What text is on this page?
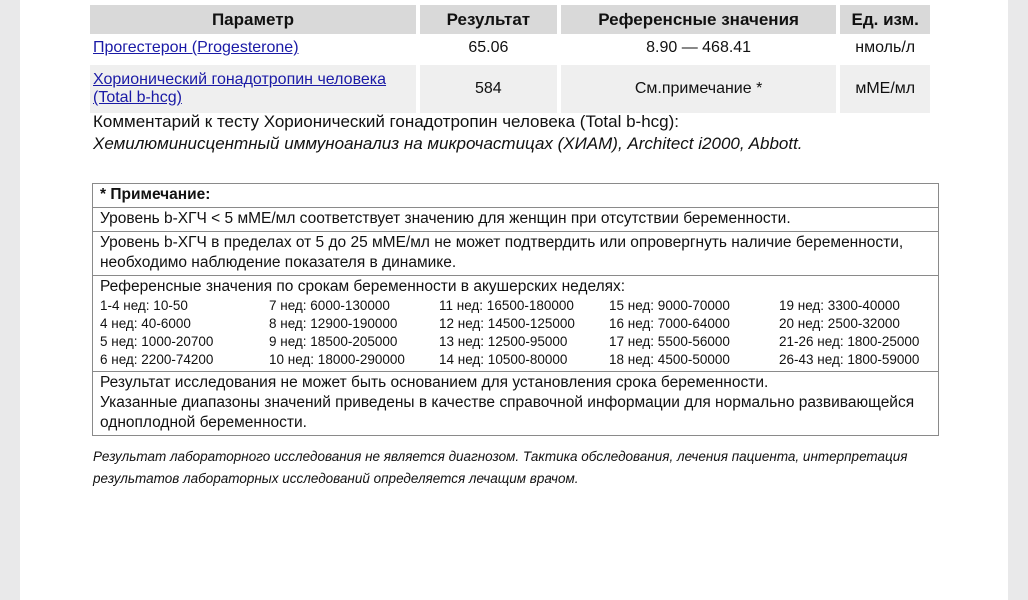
Параметр	Результат	Референсные значения	Ед. изм.
Прогестерон (Progesterone)	65.06	8.90 — 468.41	нмоль/л

Хорионический гонадотропин человека
(Total b-hcg)	584	См.примечание *	мМЕ/мл
Комментарий к тесту Хорионический гонадотропин человека (Total b-hcg):
Хемилюминисцентный иммуноанализ на микрочастицах (ХИАМ), Architect i2000, Abbott.
* Примечание:
Уровень b-ХГЧ < 5 мМЕ/мл соответствует значению для женщин при отсутствии беременности.
Уровень b-ХГЧ в пределах от 5 до 25 мМЕ/мл не может подтвердить или опровергнуть наличие беременности, необходимо наблюдение показателя в динамике.
Референсные значения по срокам беременности в акушерских неделях:
1-4 нед: 10-50	7 нед: 6000-130000	11 нед: 16500-180000	15 нед: 9000-70000	19 нед: 3300-40000
4 нед: 40-6000	8 нед: 12900-190000	12 нед: 14500-125000	16 нед: 7000-64000	20 нед: 2500-32000
5 нед: 1000-20700	9 нед: 18500-205000	13 нед: 12500-95000	17 нед: 5500-56000	21-26 нед: 1800-25000
6 нед: 2200-74200	10 нед: 18000-290000	14 нед: 10500-80000	18 нед: 4500-50000	26-43 нед: 1800-59000
Результат исследования не может быть основанием для установления срока беременности.
Указанные диапазоны значений приведены в качестве справочной информации для нормально развивающейся одноплодной беременности.
Результат лабораторного исследования не является диагнозом. Тактика обследования, лечения пациента, интерпретация результатов лабораторных исследований определяется лечащим врачом.
